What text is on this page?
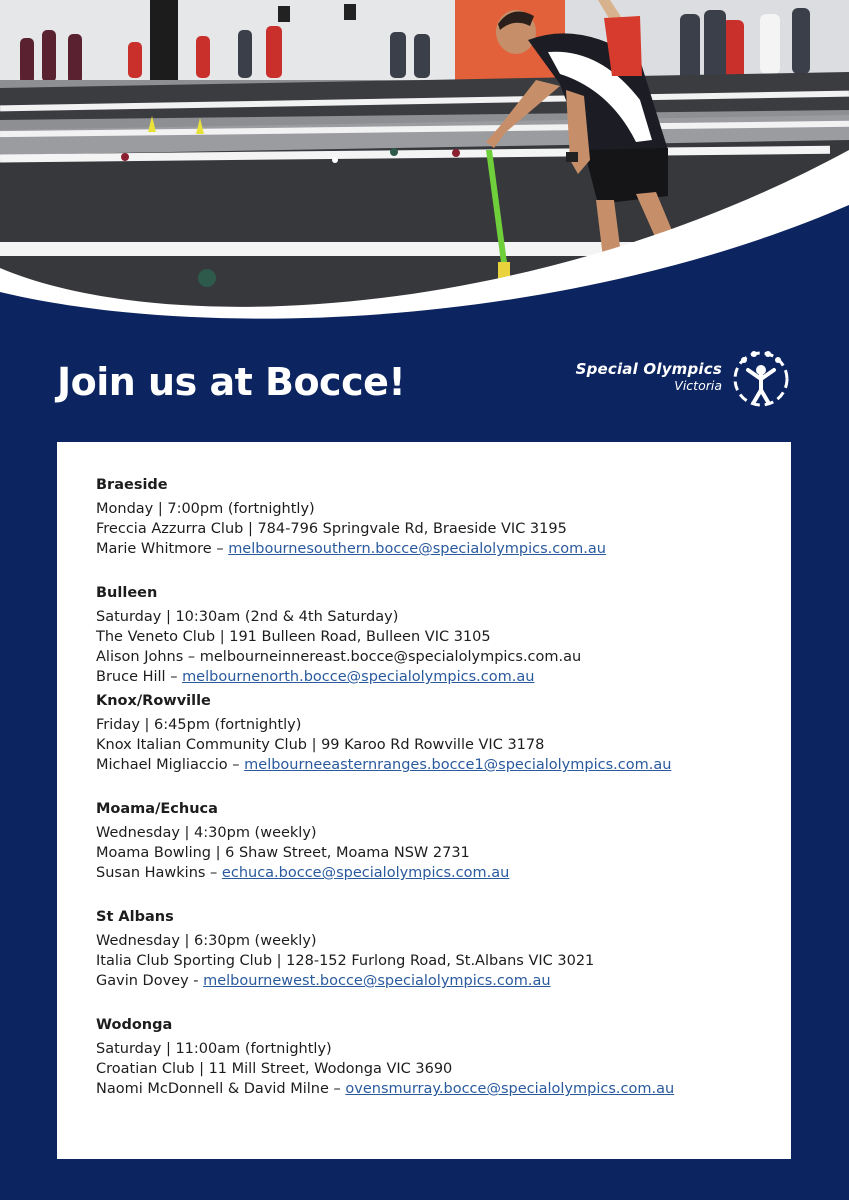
Join us at Bocce!	Special Olympics
Victoria
Braeside
Monday | 7:00pm (fortnightly)
Freccia Azzurra Club | 784-796 Springvale Rd, Braeside VIC 3195
Marie Whitmore – melbournesouthern.bocce@specialolympics.com.au
Bulleen
Saturday | 10:30am (2nd & 4th Saturday)
The Veneto Club | 191 Bulleen Road, Bulleen VIC 3105
Alison Johns – melbourneinnereast.bocce@specialolympics.com.au
Bruce Hill – melbournenorth.bocce@specialolympics.com.au
Knox/Rowville
Friday | 6:45pm (fortnightly)
Knox Italian Community Club | 99 Karoo Rd Rowville VIC 3178
Michael Migliaccio – melbourneeasternranges.bocce1@specialolympics.com.au
Moama/Echuca
Wednesday | 4:30pm (weekly)
Moama Bowling | 6 Shaw Street, Moama NSW 2731
Susan Hawkins – echuca.bocce@specialolympics.com.au
St Albans
Wednesday | 6:30pm (weekly)
Italia Club Sporting Club | 128-152 Furlong Road, St.Albans VIC 3021
Gavin Dovey - melbournewest.bocce@specialolympics.com.au
Wodonga
Saturday | 11:00am (fortnightly)
Croatian Club | 11 Mill Street, Wodonga VIC 3690
Naomi McDonnell & David Milne – ovensmurray.bocce@specialolympics.com.au
